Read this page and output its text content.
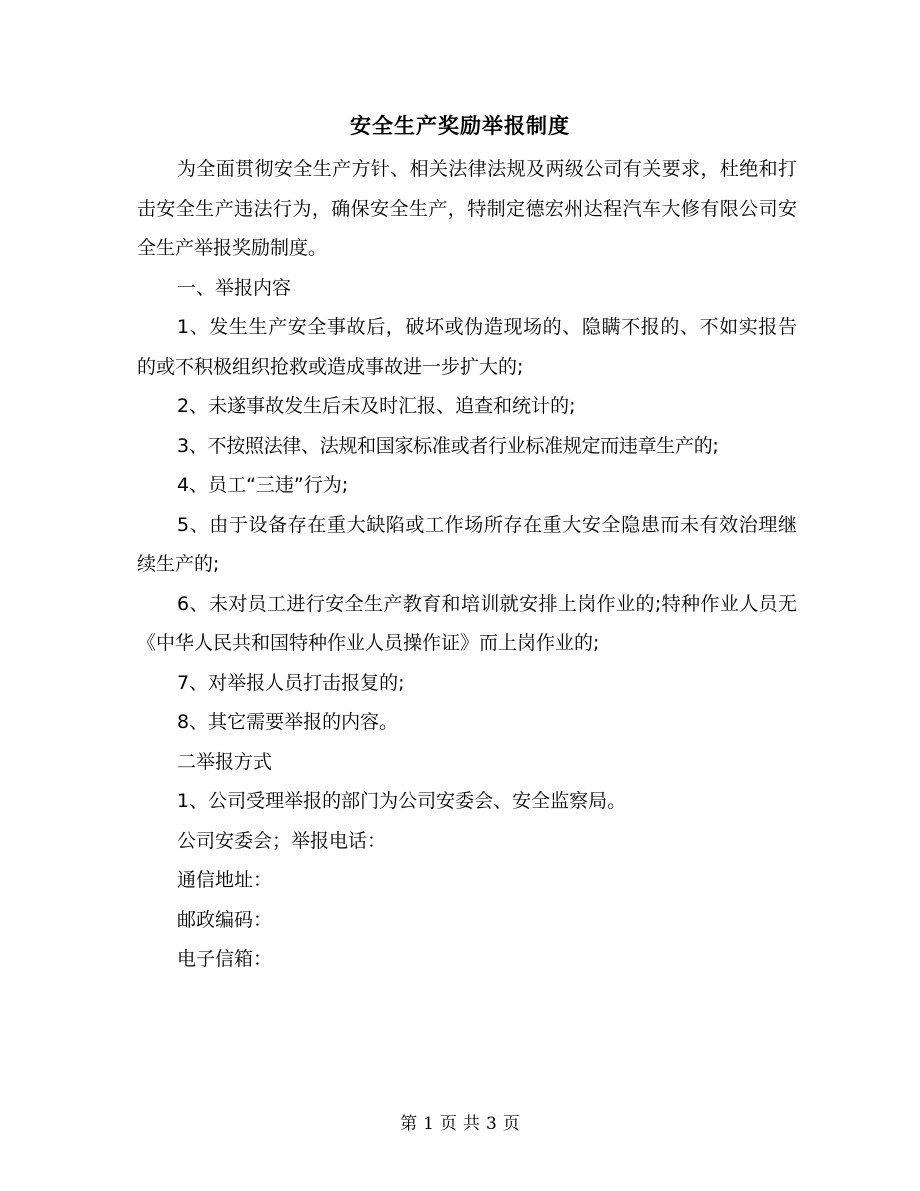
安全生产奖励举报制度

为全面贯彻安全生产方针、相关法律法规及两级公司有关要求，杜绝和打击安全生产违法行为，确保安全生产，特制定德宏州达程汽车大修有限公司安全生产举报奖励制度。

一、举报内容

1、发生生产安全事故后，破坏或伪造现场的、隐瞒不报的、不如实报告的或不积极组织抢救或造成事故进一步扩大的;

2、未遂事故发生后未及时汇报、追查和统计的;

3、不按照法律、法规和国家标准或者行业标准规定而违章生产的;

4、员工“三违”行为;

5、由于设备存在重大缺陷或工作场所存在重大安全隐患而未有效治理继续生产的;

6、未对员工进行安全生产教育和培训就安排上岗作业的;特种作业人员无《中华人民共和国特种作业人员操作证》而上岗作业的;

7、对举报人员打击报复的;

8、其它需要举报的内容。

二举报方式

1、公司受理举报的部门为公司安委会、安全监察局。

公司安委会；举报电话：

通信地址：

邮政编码：

电子信箱：

第 1 页 共 3 页
